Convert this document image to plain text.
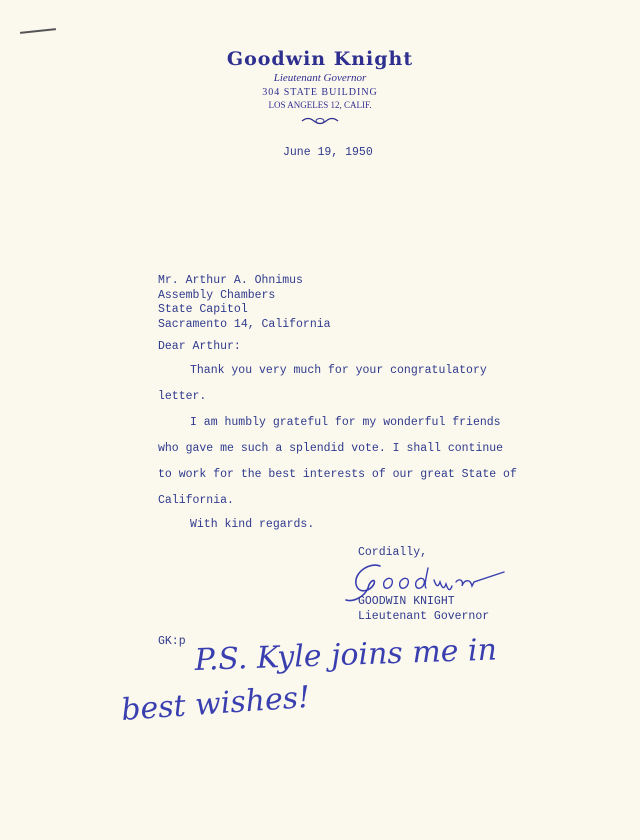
Goodwin Knight
Lieutenant Governor
304 STATE BUILDING
LOS ANGELES 12, CALIF.
June 19, 1950
Mr. Arthur A. Ohnimus
Assembly Chambers
State Capitol
Sacramento 14, California
Dear Arthur:
Thank you very much for your congratulatory
letter.
I am humbly grateful for my wonderful friends
who gave me such a splendid vote. I shall continue
to work for the best interests of our great State of
California.
With kind regards.
Cordially,
GOODWIN KNIGHT
Lieutenant Governor
GK:p P.S. Kyle joins me in
best wishes!
